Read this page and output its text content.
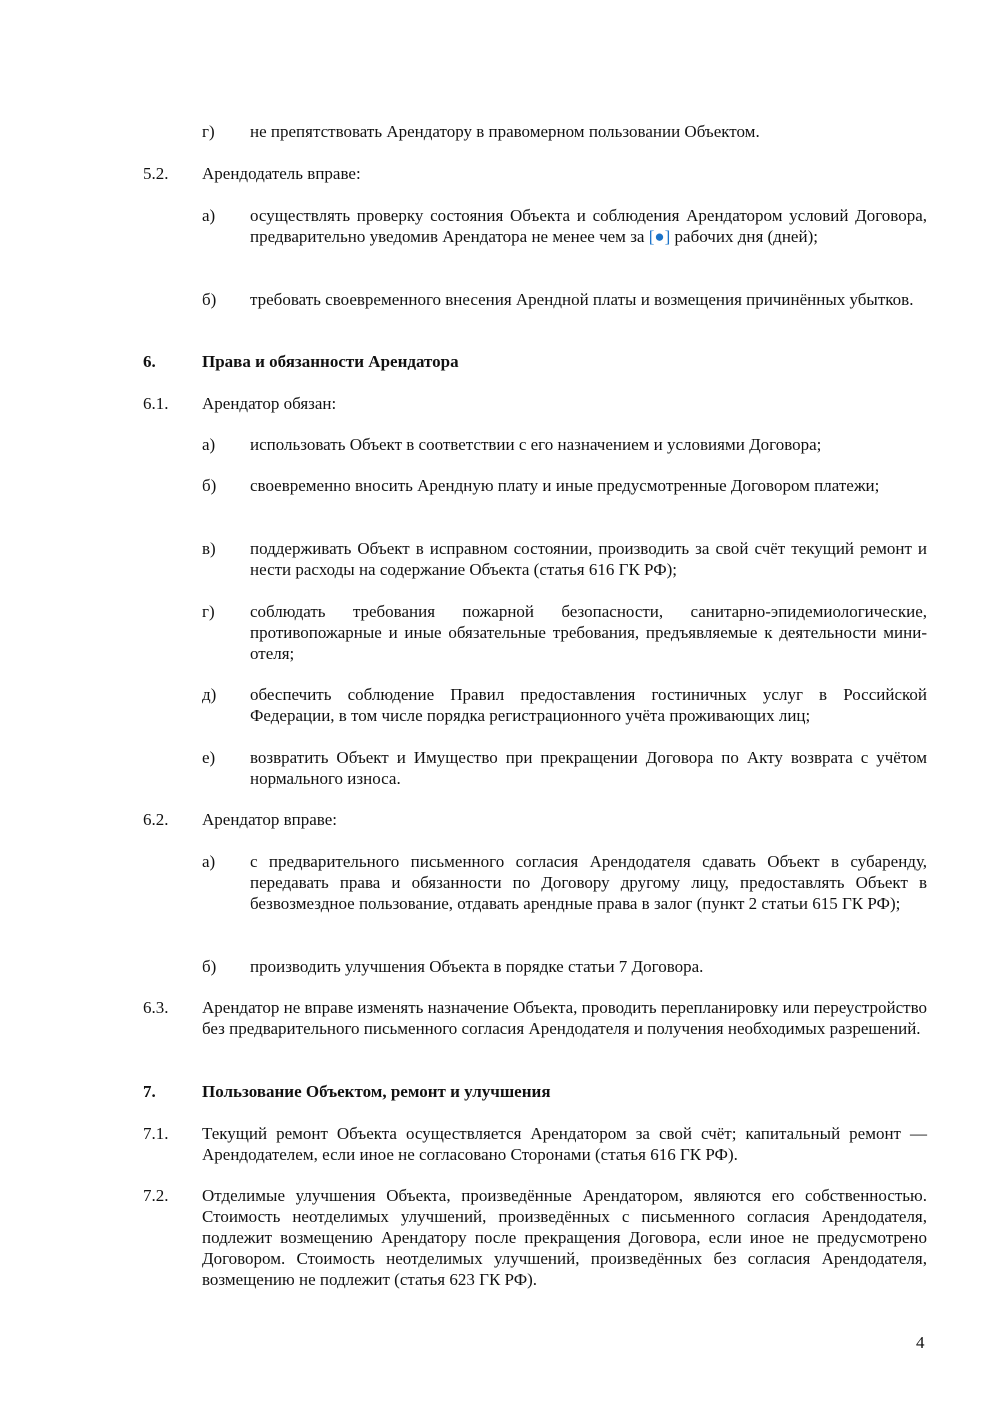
г) не препятствовать Арендатору в правомерном пользовании Объектом.
5.2. Арендодатель вправе:
а) осуществлять проверку состояния Объекта и соблюдения Арендатором условий Договора, предварительно уведомив Арендатора не менее чем за [●] рабочих дня (дней);
б) требовать своевременного внесения Арендной платы и возмещения причинённых убытков.
6.	Права и обязанности Арендатора
6.1. Арендатор обязан:
а) использовать Объект в соответствии с его назначением и условиями Договора;
б) своевременно вносить Арендную плату и иные предусмотренные Договором платежи;
в) поддерживать Объект в исправном состоянии, производить за свой счёт текущий ремонт и нести расходы на содержание Объекта (статья 616 ГК РФ);
г) соблюдать требования пожарной безопасности, санитарно-эпидемиологические, противопожарные и иные обязательные требования, предъявляемые к деятельности мини-отеля;
д) обеспечить соблюдение Правил предоставления гостиничных услуг в Российской Федерации, в том числе порядка регистрационного учёта проживающих лиц;
е) возвратить Объект и Имущество при прекращении Договора по Акту возврата с учётом нормального износа.
6.2. Арендатор вправе:
а) с предварительного письменного согласия Арендодателя сдавать Объект в субаренду, передавать права и обязанности по Договору другому лицу, предоставлять Объект в безвозмездное пользование, отдавать арендные права в залог (пункт 2 статьи 615 ГК РФ);
б) производить улучшения Объекта в порядке статьи 7 Договора.
6.3. Арендатор не вправе изменять назначение Объекта, проводить перепланировку или переустройство без предварительного письменного согласия Арендодателя и получения необходимых разрешений.
7.	Пользование Объектом, ремонт и улучшения
7.1. Текущий ремонт Объекта осуществляется Арендатором за свой счёт; капитальный ремонт — Арендодателем, если иное не согласовано Сторонами (статья 616 ГК РФ).
7.2. Отделимые улучшения Объекта, произведённые Арендатором, являются его собственностью. Стоимость неотделимых улучшений, произведённых с письменного согласия Арендодателя, подлежит возмещению Арендатору после прекращения Договора, если иное не предусмотрено Договором. Стоимость неотделимых улучшений, произведённых без согласия Арендодателя, возмещению не подлежит (статья 623 ГК РФ).
4
